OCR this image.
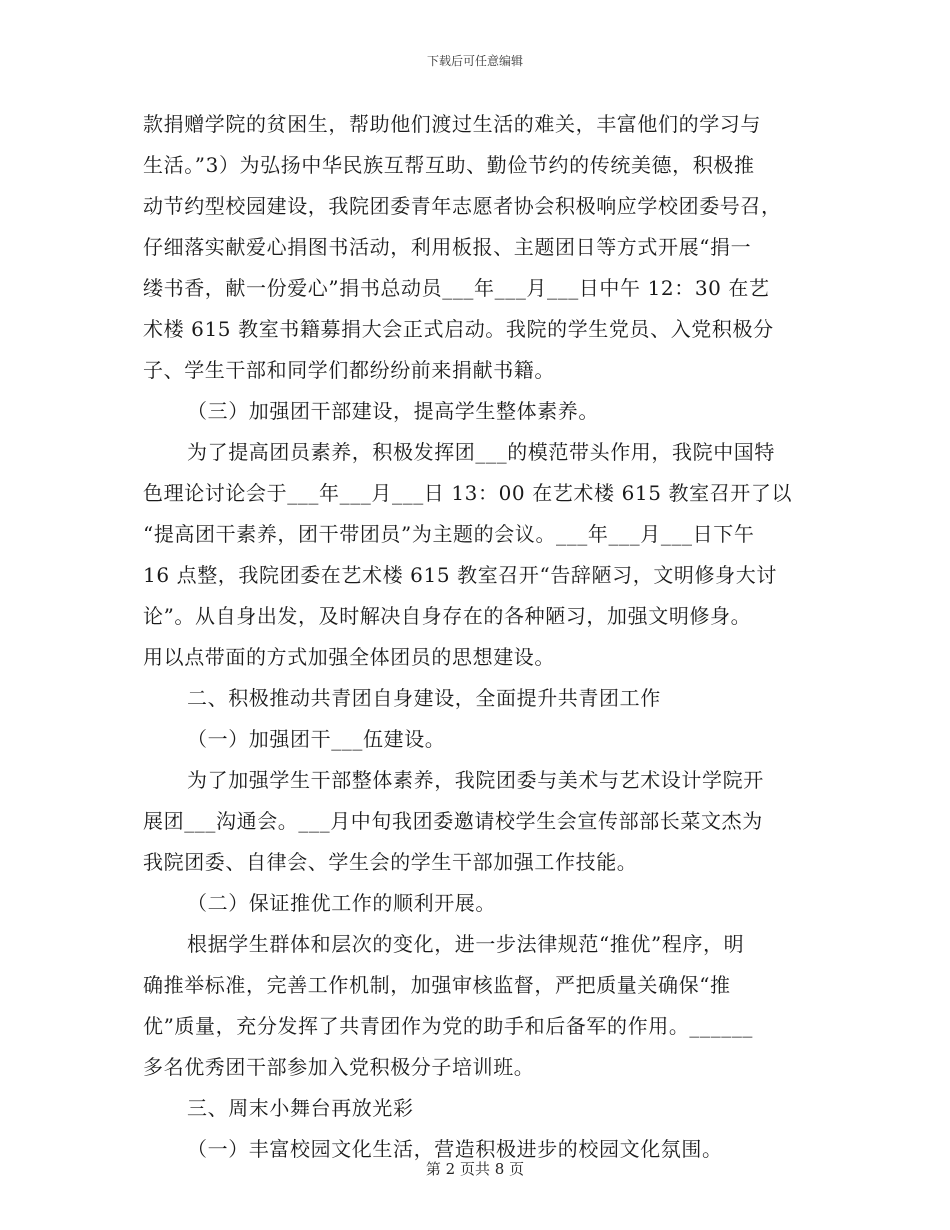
下载后可任意编辑
款捐赠学院的贫困生，帮助他们渡过生活的难关，丰富他们的学习与
生活。”3）为弘扬中华民族互帮互助、勤俭节约的传统美德，积极推
动节约型校园建设，我院团委青年志愿者协会积极响应学校团委号召，
仔细落实献爱心捐图书活动，利用板报、主题团日等方式开展“捐一
缕书香，献一份爱心”捐书总动员___年___月___日中午 12：30 在艺
术楼 615 教室书籍募捐大会正式启动。我院的学生党员、入党积极分
子、学生干部和同学们都纷纷前来捐献书籍。
（三）加强团干部建设，提高学生整体素养。
为了提高团员素养，积极发挥团___的模范带头作用，我院中国特
色理论讨论会于___年___月___日 13：00 在艺术楼 615 教室召开了以
“提高团干素养，团干带团员”为主题的会议。___年___月___日下午
16 点整，我院团委在艺术楼 615 教室召开“告辞陋习，文明修身大讨
论”。从自身出发，及时解决自身存在的各种陋习，加强文明修身。
用以点带面的方式加强全体团员的思想建设。
二、积极推动共青团自身建设，全面提升共青团工作
（一）加强团干___伍建设。
为了加强学生干部整体素养，我院团委与美术与艺术设计学院开
展团___沟通会。___月中旬我团委邀请校学生会宣传部部长菜文杰为
我院团委、自律会、学生会的学生干部加强工作技能。
（二）保证推优工作的顺利开展。
根据学生群体和层次的变化，进一步法律规范“推优”程序，明
确推举标准，完善工作机制，加强审核监督，严把质量关确保“推
优”质量，充分发挥了共青团作为党的助手和后备军的作用。______
多名优秀团干部参加入党积极分子培训班。
三、周末小舞台再放光彩
（一）丰富校园文化生活，营造积极进步的校园文化氛围。
第 2 页共 8 页
